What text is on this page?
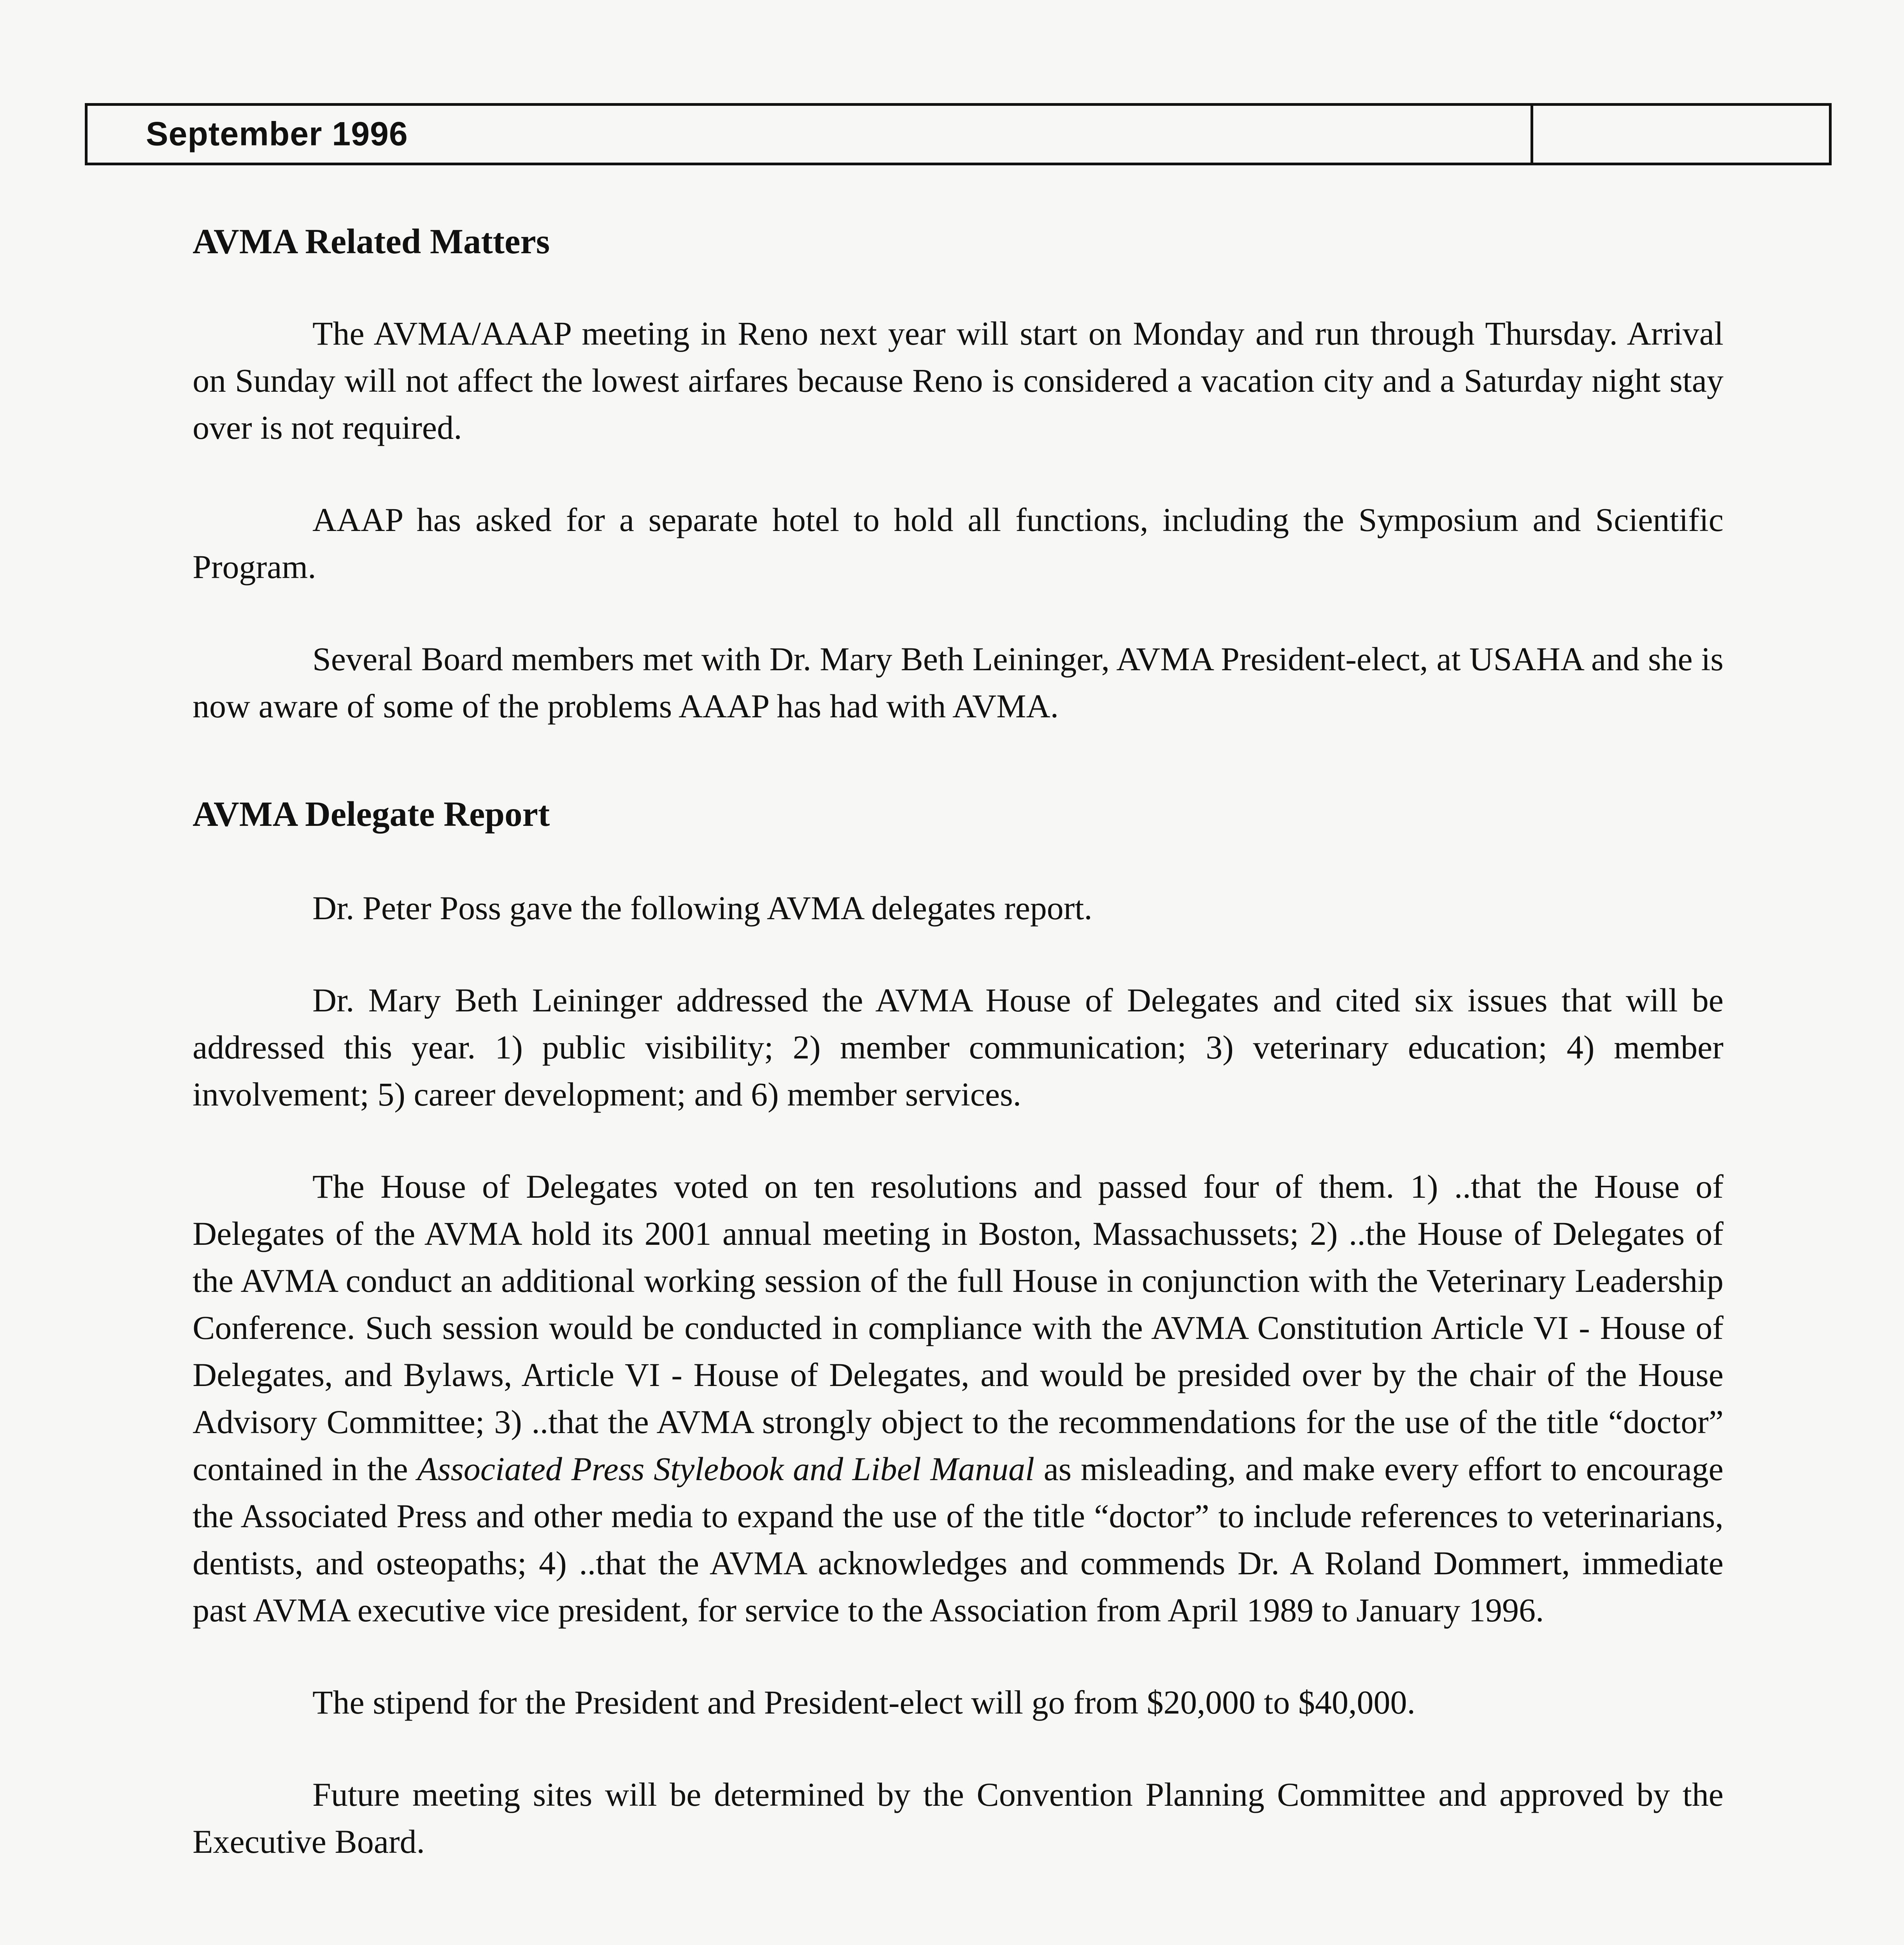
September 1996
AVMA Related Matters

The AVMA/AAAP meeting in Reno next year will start on Monday and run through Thursday. Arrival on Sunday will not affect the lowest airfares because Reno is considered a vacation city and a Saturday night stay over is not required.

AAAP has asked for a separate hotel to hold all functions, including the Symposium and Scientific Program.

Several Board members met with Dr. Mary Beth Leininger, AVMA President-elect, at USAHA and she is now aware of some of the problems AAAP has had with AVMA.

AVMA Delegate Report

Dr. Peter Poss gave the following AVMA delegates report.

Dr. Mary Beth Leininger addressed the AVMA House of Delegates and cited six issues that will be addressed this year. 1) public visibility; 2) member communication; 3) veterinary education; 4) member involvement; 5) career development; and 6) member services.

The House of Delegates voted on ten resolutions and passed four of them. 1) ..that the House of Delegates of the AVMA hold its 2001 annual meeting in Boston, Massachussets; 2) ..the House of Delegates of the AVMA conduct an additional working session of the full House in conjunction with the Veterinary Leadership Conference. Such session would be conducted in compliance with the AVMA Constitution Article VI - House of Delegates, and Bylaws, Article VI - House of Delegates, and would be presided over by the chair of the House Advisory Committee; 3) ..that the AVMA strongly object to the recommendations for the use of the title “doctor” contained in the Associated Press Stylebook and Libel Manual as misleading, and make every effort to encourage the Associated Press and other media to expand the use of the title “doctor” to include references to veterinarians, dentists, and osteopaths; 4) ..that the AVMA acknowledges and commends Dr. A Roland Dommert, immediate past AVMA executive vice president, for service to the Association from April 1989 to January 1996.

The stipend for the President and President-elect will go from $20,000 to $40,000.

Future meeting sites will be determined by the Convention Planning Committee and approved by the Executive Board.
